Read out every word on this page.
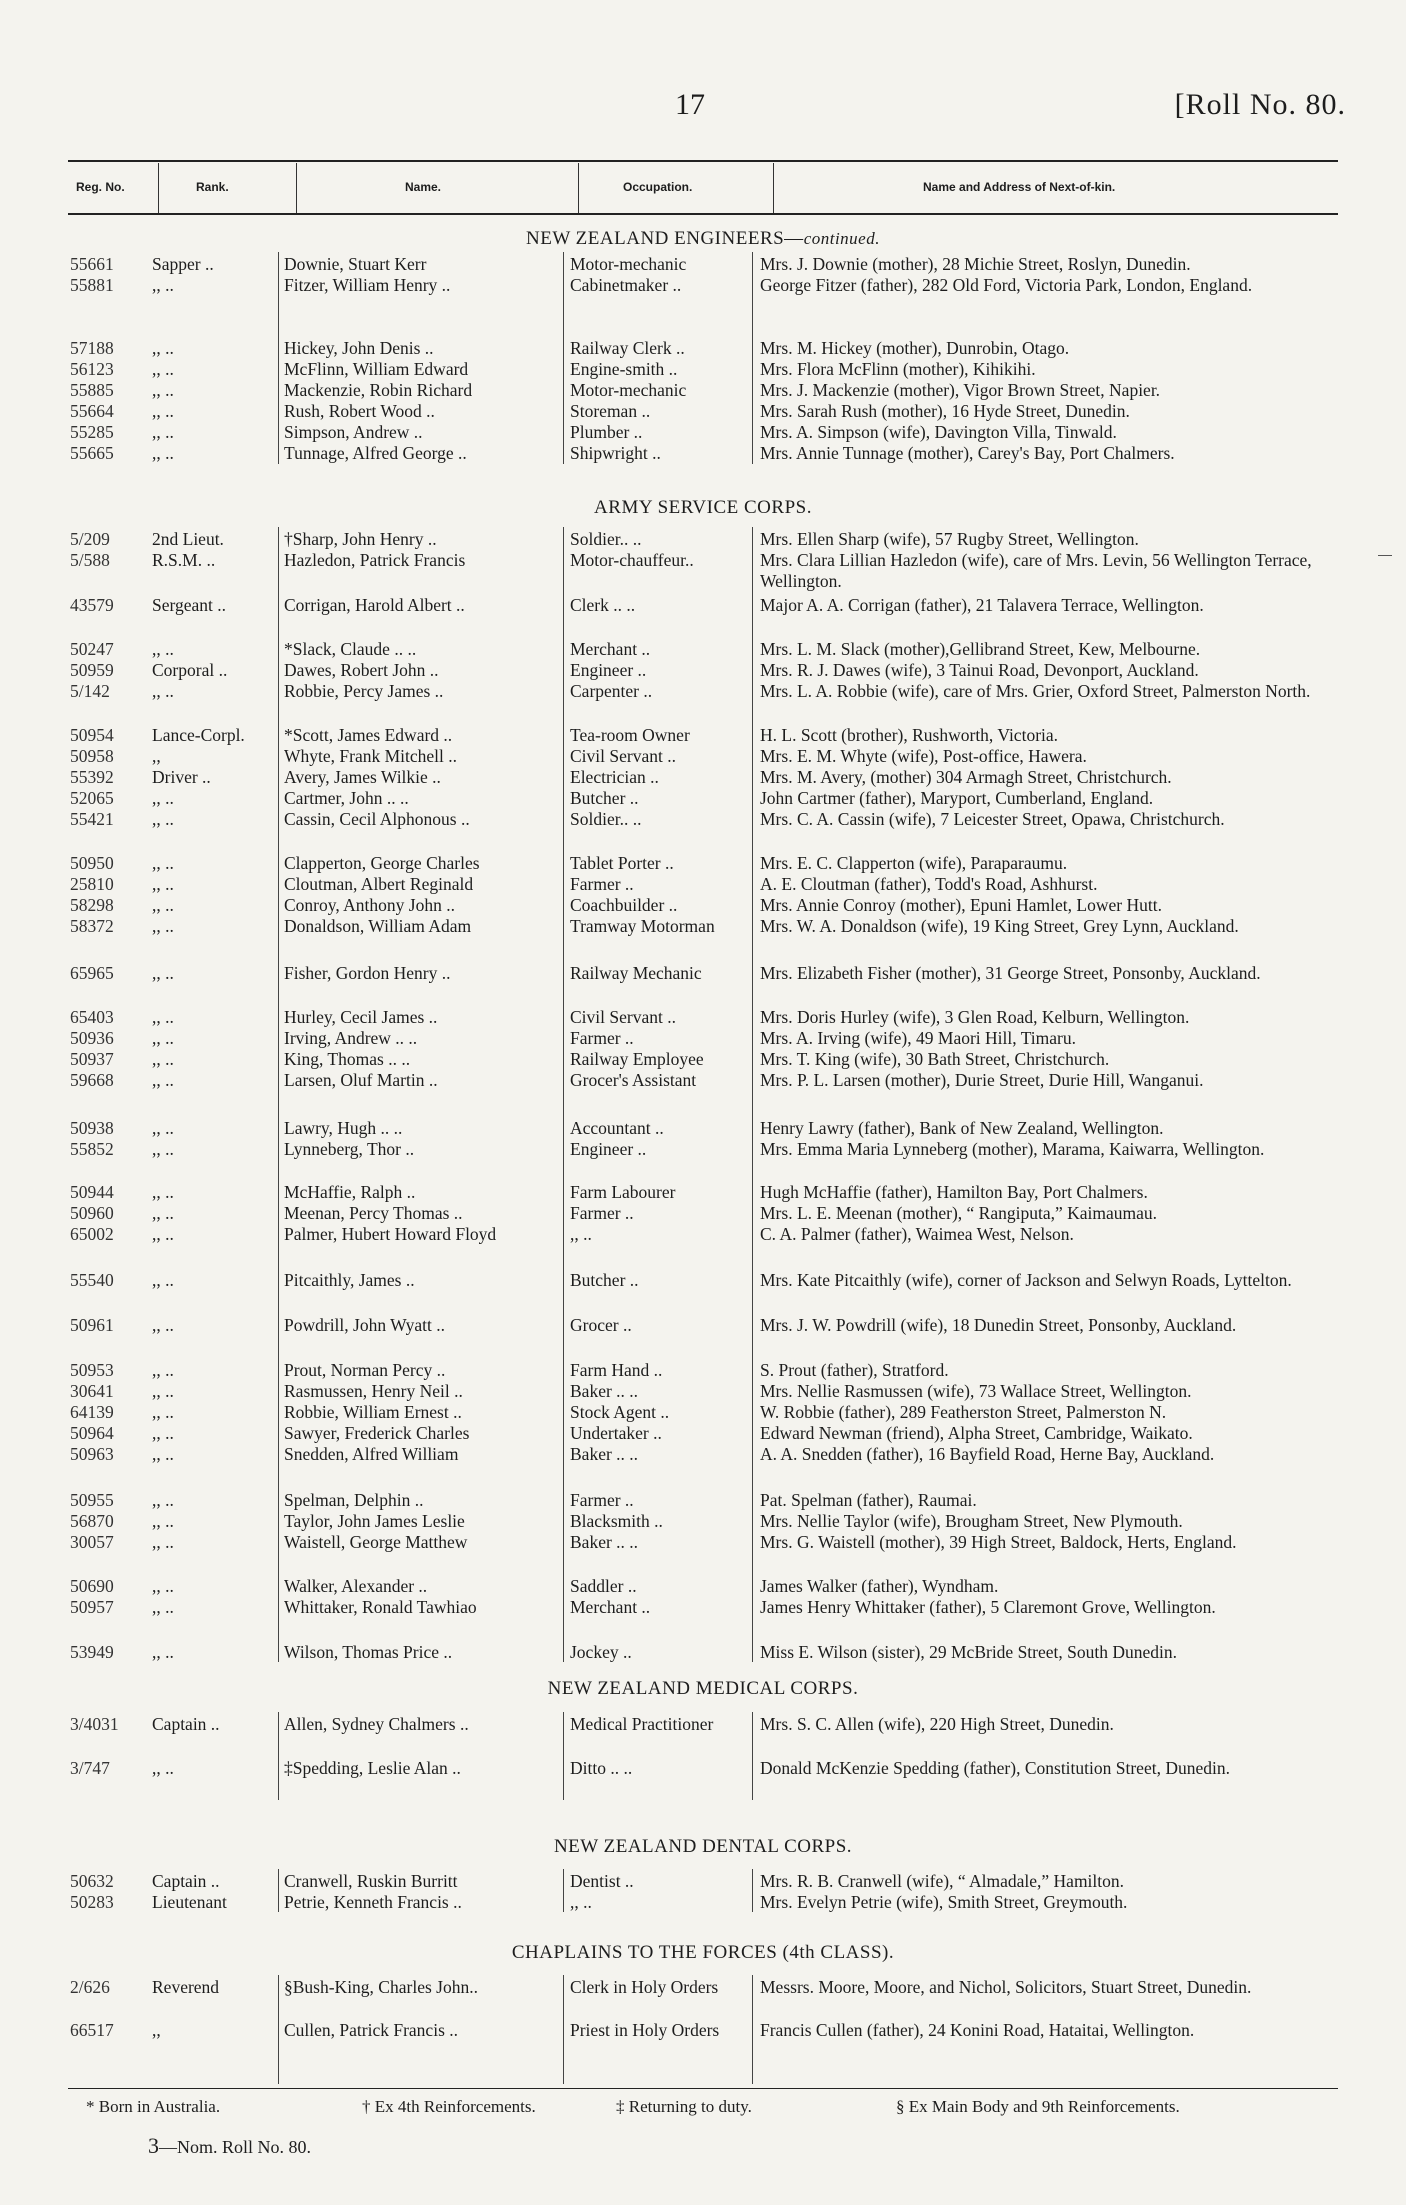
17	[Roll No. 80.
Reg. No.	Rank.	Name.	Occupation.	Name and Address of Next-of-kin.
NEW ZEALAND ENGINEERS—continued.
55661	Sapper ..	Downie, Stuart Kerr	Motor-mechanic	Mrs. J. Downie (mother), 28 Michie Street, Roslyn, Dunedin.
55881	,, ..	Fitzer, William Henry ..	Cabinetmaker ..	George Fitzer (father), 282 Old Ford, Victoria Park, London, England.
57188	,, ..	Hickey, John Denis ..	Railway Clerk ..	Mrs. M. Hickey (mother), Dunrobin, Otago.
56123	,, ..	McFlinn, William Edward	Engine-smith ..	Mrs. Flora McFlinn (mother), Kihikihi.
55885	,, ..	Mackenzie, Robin Richard	Motor-mechanic	Mrs. J. Mackenzie (mother), Vigor Brown Street, Napier.
55664	,, ..	Rush, Robert Wood ..	Storeman ..	Mrs. Sarah Rush (mother), 16 Hyde Street, Dunedin.
55285	,, ..	Simpson, Andrew ..	Plumber ..	Mrs. A. Simpson (wife), Davington Villa, Tinwald.
55665	,, ..	Tunnage, Alfred George ..	Shipwright ..	Mrs. Annie Tunnage (mother), Carey's Bay, Port Chalmers.
ARMY SERVICE CORPS.
5/209	2nd Lieut.	†Sharp, John Henry ..	Soldier.. ..	Mrs. Ellen Sharp (wife), 57 Rugby Street, Wellington.
5/588	R.S.M. ..	Hazledon, Patrick Francis	Motor-chauffeur..	Mrs. Clara Lillian Hazledon (wife), care of Mrs. Levin, 56 Wellington Terrace, Wellington.
43579	Sergeant ..	Corrigan, Harold Albert ..	Clerk .. ..	Major A. A. Corrigan (father), 21 Talavera Terrace, Wellington.
50247	,, ..	*Slack, Claude .. ..	Merchant ..	Mrs. L. M. Slack (mother),Gellibrand Street, Kew, Melbourne.
50959	Corporal ..	Dawes, Robert John ..	Engineer ..	Mrs. R. J. Dawes (wife), 3 Tainui Road, Devonport, Auckland.
5/142	,, ..	Robbie, Percy James ..	Carpenter ..	Mrs. L. A. Robbie (wife), care of Mrs. Grier, Oxford Street, Palmerston North.
50954	Lance-Corpl.	*Scott, James Edward ..	Tea-room Owner	H. L. Scott (brother), Rushworth, Victoria.
50958	,,	Whyte, Frank Mitchell ..	Civil Servant ..	Mrs. E. M. Whyte (wife), Post-office, Hawera.
55392	Driver ..	Avery, James Wilkie ..	Electrician ..	Mrs. M. Avery, (mother) 304 Armagh Street, Christchurch.
52065	,, ..	Cartmer, John .. ..	Butcher ..	John Cartmer (father), Maryport, Cumberland, England.
55421	,, ..	Cassin, Cecil Alphonous ..	Soldier.. ..	Mrs. C. A. Cassin (wife), 7 Leicester Street, Opawa, Christchurch.
50950	,, ..	Clapperton, George Charles	Tablet Porter ..	Mrs. E. C. Clapperton (wife), Paraparaumu.
25810	,, ..	Cloutman, Albert Reginald	Farmer ..	A. E. Cloutman (father), Todd's Road, Ashhurst.
58298	,, ..	Conroy, Anthony John ..	Coachbuilder ..	Mrs. Annie Conroy (mother), Epuni Hamlet, Lower Hutt.
58372	,, ..	Donaldson, William Adam	Tramway Motorman	Mrs. W. A. Donaldson (wife), 19 King Street, Grey Lynn, Auckland.
65965	,, ..	Fisher, Gordon Henry ..	Railway Mechanic	Mrs. Elizabeth Fisher (mother), 31 George Street, Ponsonby, Auckland.
65403	,, ..	Hurley, Cecil James ..	Civil Servant ..	Mrs. Doris Hurley (wife), 3 Glen Road, Kelburn, Wellington.
50936	,, ..	Irving, Andrew .. ..	Farmer ..	Mrs. A. Irving (wife), 49 Maori Hill, Timaru.
50937	,, ..	King, Thomas .. ..	Railway Employee	Mrs. T. King (wife), 30 Bath Street, Christchurch.
59668	,, ..	Larsen, Oluf Martin ..	Grocer's Assistant	Mrs. P. L. Larsen (mother), Durie Street, Durie Hill, Wanganui.
50938	,, ..	Lawry, Hugh .. ..	Accountant ..	Henry Lawry (father), Bank of New Zealand, Wellington.
55852	,, ..	Lynneberg, Thor ..	Engineer ..	Mrs. Emma Maria Lynneberg (mother), Marama, Kaiwarra, Wellington.
50944	,, ..	McHaffie, Ralph ..	Farm Labourer	Hugh McHaffie (father), Hamilton Bay, Port Chalmers.
50960	,, ..	Meenan, Percy Thomas ..	Farmer ..	Mrs. L. E. Meenan (mother), “ Rangiputa,” Kaimaumau.
65002	,, ..	Palmer, Hubert Howard Floyd	,, ..	C. A. Palmer (father), Waimea West, Nelson.
55540	,, ..	Pitcaithly, James ..	Butcher ..	Mrs. Kate Pitcaithly (wife), corner of Jackson and Selwyn Roads, Lyttelton.
50961	,, ..	Powdrill, John Wyatt ..	Grocer ..	Mrs. J. W. Powdrill (wife), 18 Dunedin Street, Ponsonby, Auckland.
50953	,, ..	Prout, Norman Percy ..	Farm Hand ..	S. Prout (father), Stratford.
30641	,, ..	Rasmussen, Henry Neil ..	Baker .. ..	Mrs. Nellie Rasmussen (wife), 73 Wallace Street, Wellington.
64139	,, ..	Robbie, William Ernest ..	Stock Agent ..	W. Robbie (father), 289 Featherston Street, Palmerston N.
50964	,, ..	Sawyer, Frederick Charles	Undertaker ..	Edward Newman (friend), Alpha Street, Cambridge, Waikato.
50963	,, ..	Snedden, Alfred William	Baker .. ..	A. A. Snedden (father), 16 Bayfield Road, Herne Bay, Auckland.
50955	,, ..	Spelman, Delphin ..	Farmer ..	Pat. Spelman (father), Raumai.
56870	,, ..	Taylor, John James Leslie	Blacksmith ..	Mrs. Nellie Taylor (wife), Brougham Street, New Plymouth.
30057	,, ..	Waistell, George Matthew	Baker .. ..	Mrs. G. Waistell (mother), 39 High Street, Baldock, Herts, England.
50690	,, ..	Walker, Alexander ..	Saddler ..	James Walker (father), Wyndham.
50957	,, ..	Whittaker, Ronald Tawhiao	Merchant ..	James Henry Whittaker (father), 5 Claremont Grove, Wellington.
53949	,, ..	Wilson, Thomas Price ..	Jockey ..	Miss E. Wilson (sister), 29 McBride Street, South Dunedin.
NEW ZEALAND MEDICAL CORPS.
3/4031	Captain ..	Allen, Sydney Chalmers ..	Medical Practitioner	Mrs. S. C. Allen (wife), 220 High Street, Dunedin.
3/747	,, ..	‡Spedding, Leslie Alan ..	Ditto .. ..	Donald McKenzie Spedding (father), Constitution Street, Dunedin.
NEW ZEALAND DENTAL CORPS.
50632	Captain ..	Cranwell, Ruskin Burritt	Dentist ..	Mrs. R. B. Cranwell (wife), “ Almadale,” Hamilton.
50283	Lieutenant	Petrie, Kenneth Francis ..	,, ..	Mrs. Evelyn Petrie (wife), Smith Street, Greymouth.
CHAPLAINS TO THE FORCES (4th CLASS).
2/626	Reverend	§Bush-King, Charles John..	Clerk in Holy Orders	Messrs. Moore, Moore, and Nichol, Solicitors, Stuart Street, Dunedin.
66517	,,	Cullen, Patrick Francis ..	Priest in Holy Orders	Francis Cullen (father), 24 Konini Road, Hataitai, Wellington.
* Born in Australia.	† Ex 4th Reinforcements.	‡ Returning to duty.	§ Ex Main Body and 9th Reinforcements.
3—Nom. Roll No. 80.
